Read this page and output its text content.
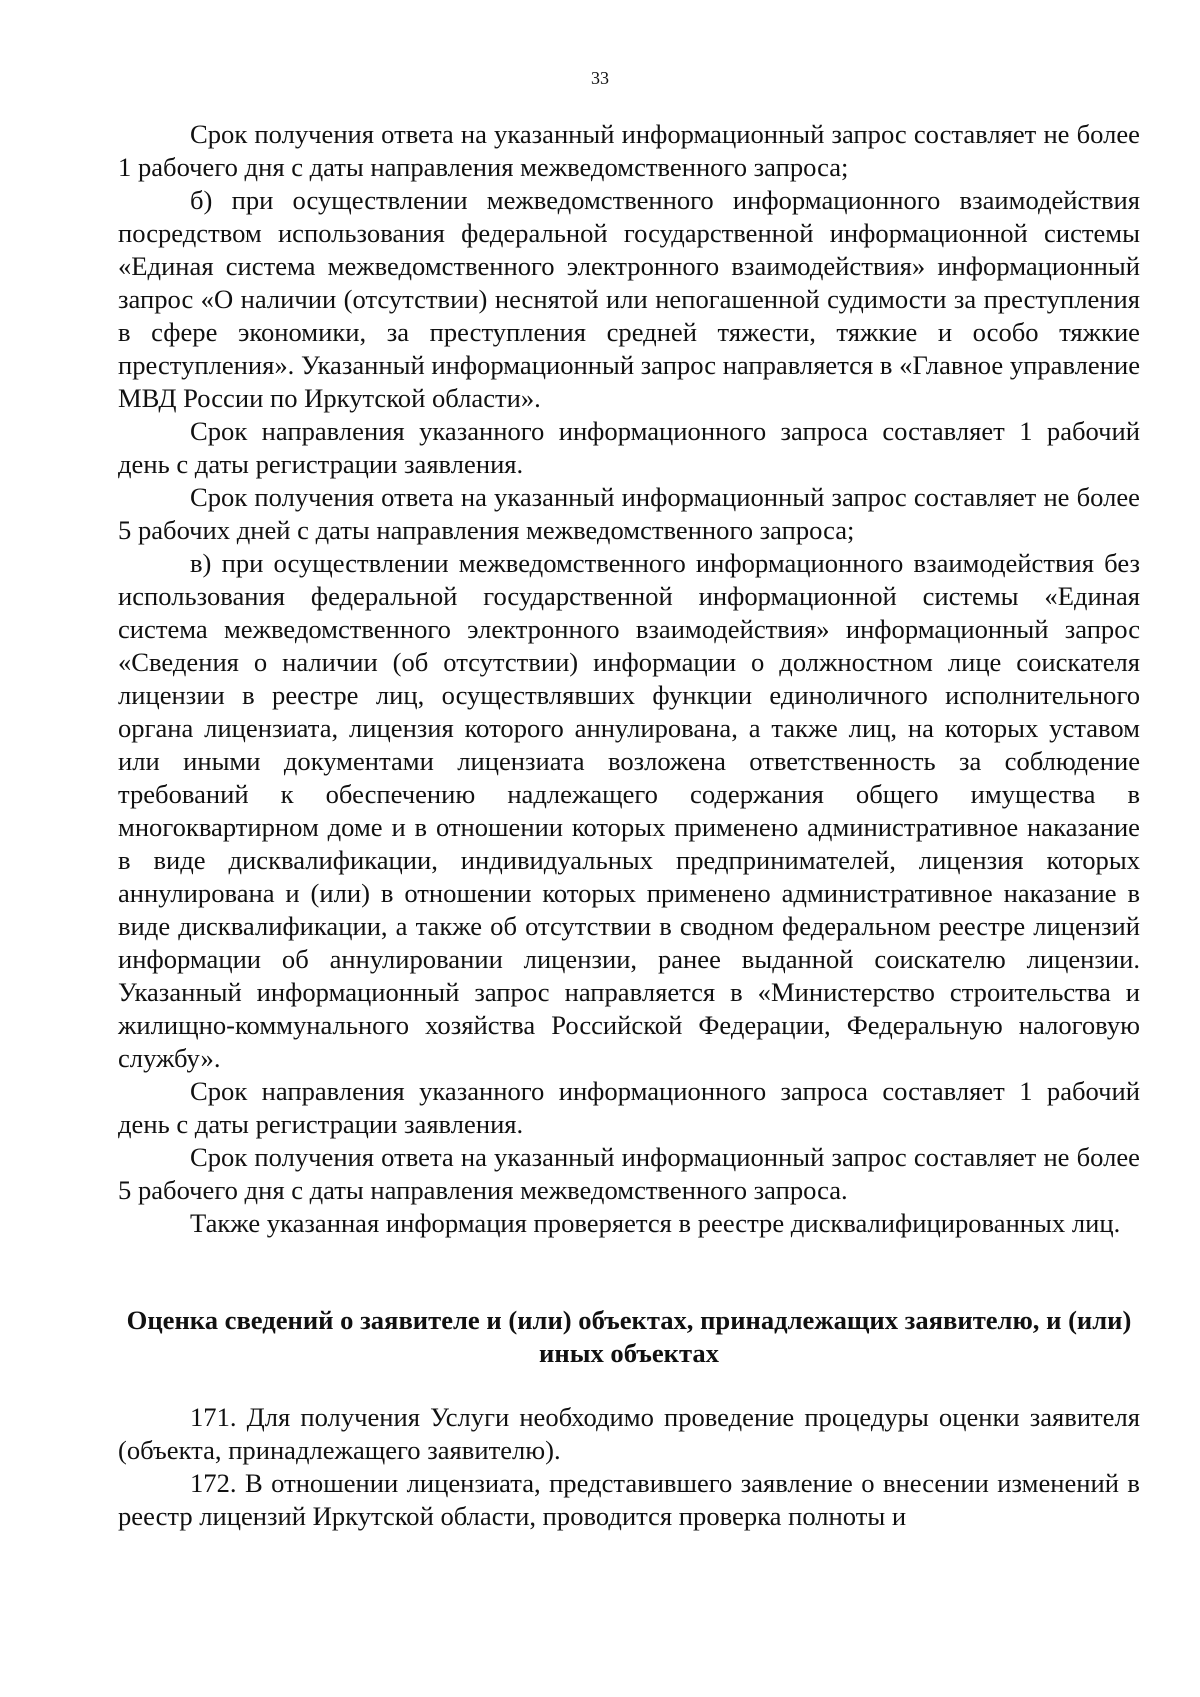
33

Срок получения ответа на указанный информационный запрос составляет не более 1 рабочего дня с даты направления межведомственного запроса;

б) при осуществлении межведомственного информационного взаимодействия посредством использования федеральной государственной информационной системы «Единая система межведомственного электронного взаимодействия» информационный запрос «О наличии (отсутствии) неснятой или непогашенной судимости за преступления в сфере экономики, за преступления средней тяжести, тяжкие и особо тяжкие преступления». Указанный информационный запрос направляется в «Главное управление МВД России по Иркутской области».

Срок направления указанного информационного запроса составляет 1 рабочий день с даты регистрации заявления.

Срок получения ответа на указанный информационный запрос составляет не более 5 рабочих дней с даты направления межведомственного запроса;

в) при осуществлении межведомственного информационного взаимодействия без использования федеральной государственной информационной системы «Единая система межведомственного электронного взаимодействия» информационный запрос «Сведения о наличии (об отсутствии) информации о должностном лице соискателя лицензии в реестре лиц, осуществлявших функции единоличного исполнительного органа лицензиата, лицензия которого аннулирована, а также лиц, на которых уставом или иными документами лицензиата возложена ответственность за соблюдение требований к обеспечению надлежащего содержания общего имущества в многоквартирном доме и в отношении которых применено административное наказание в виде дисквалификации, индивидуальных предпринимателей, лицензия которых аннулирована и (или) в отношении которых применено административное наказание в виде дисквалификации, а также об отсутствии в сводном федеральном реестре лицензий информации об аннулировании лицензии, ранее выданной соискателю лицензии. Указанный информационный запрос направляется в «Министерство строительства и жилищно-коммунального хозяйства Российской Федерации, Федеральную налоговую службу».

Срок направления указанного информационного запроса составляет 1 рабочий день с даты регистрации заявления.

Срок получения ответа на указанный информационный запрос составляет не более 5 рабочего дня с даты направления межведомственного запроса.

Также указанная информация проверяется в реестре дисквалифицированных лиц.

Оценка сведений о заявителе и (или) объектах, принадлежащих заявителю, и (или) иных объектах

171. Для получения Услуги необходимо проведение процедуры оценки заявителя (объекта, принадлежащего заявителю).

172. В отношении лицензиата, представившего заявление о внесении изменений в реестр лицензий Иркутской области, проводится проверка полноты и
